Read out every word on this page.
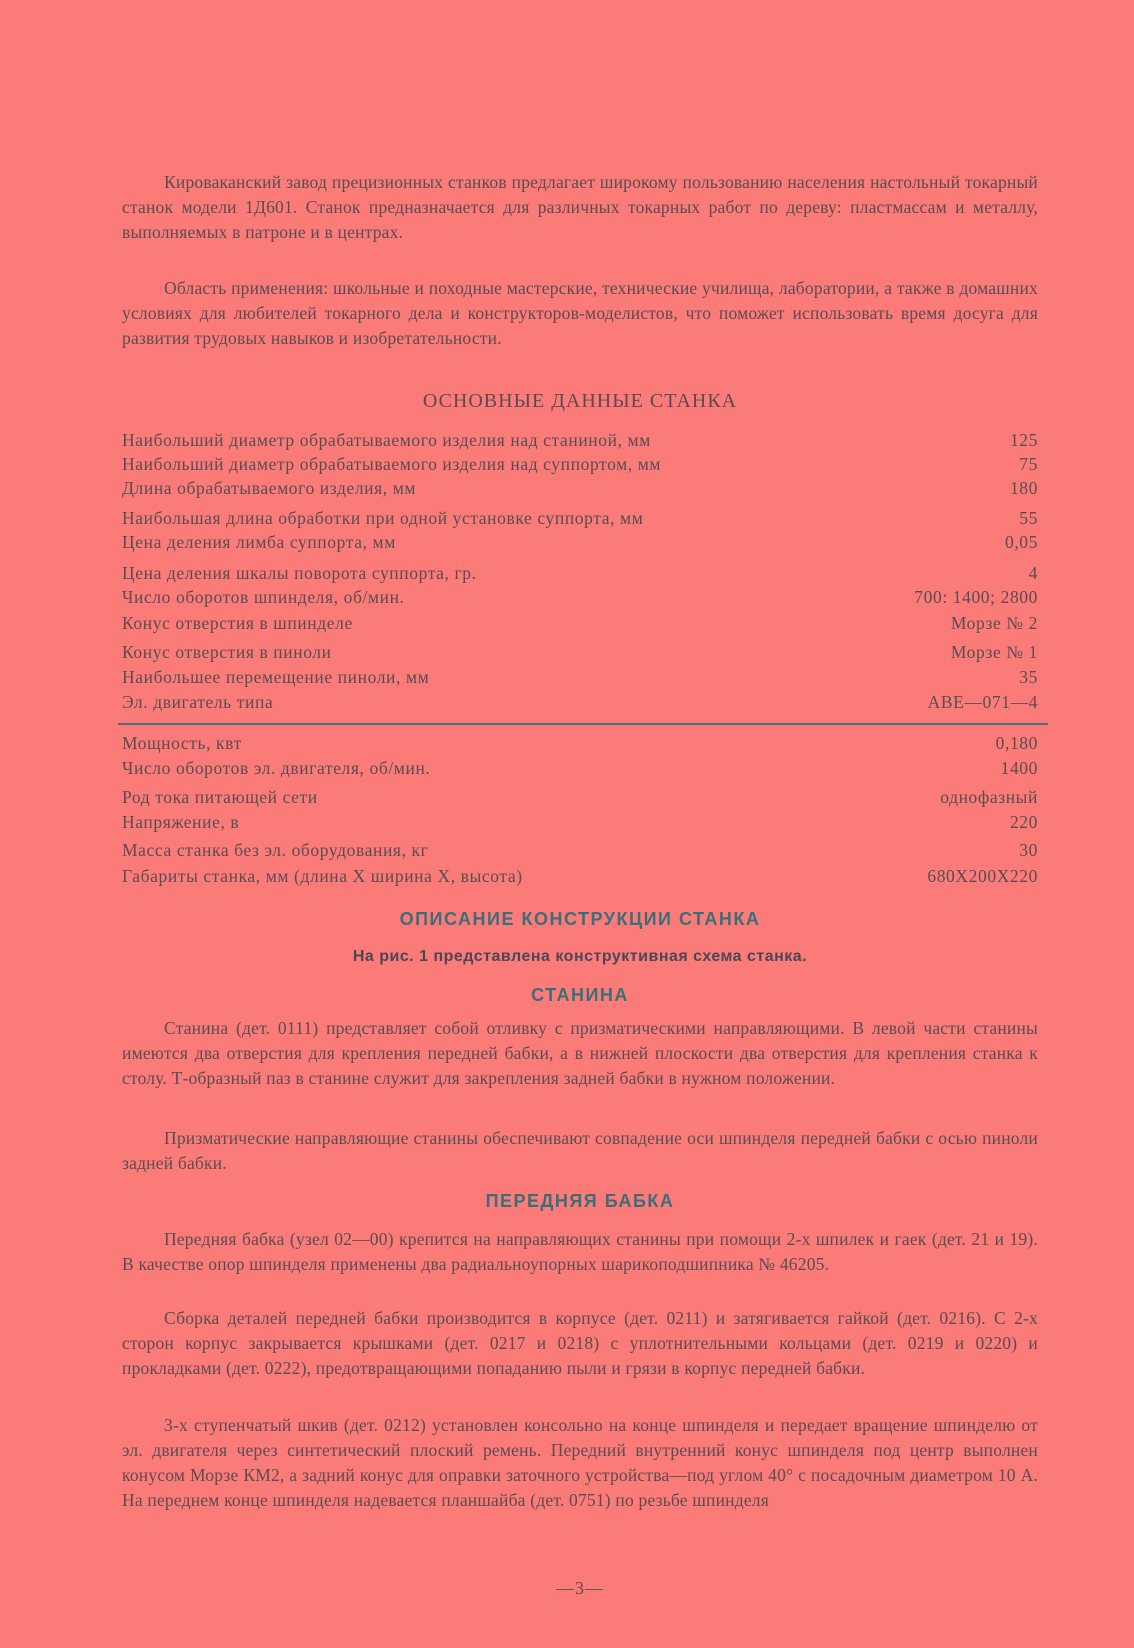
Кироваканский завод прецизионных станков предлагает широкому пользованию населения настольный токарный станок модели 1Д601. Станок предназначается для различных токарных работ по дереву: пластмассам и металлу, выполняемых в патроне и в центрах.

Область применения: школьные и походные мастерские, технические училища, лаборатории, а также в домашних условиях для любителей токарного дела и конструкторов-моделистов, что поможет использовать время досуга для развития трудовых навыков и изобретательности.

ОСНОВНЫЕ ДАННЫЕ СТАНКА
Наибольший диаметр обрабатываемого изделия над станиной, мм	125
Наибольший диаметр обрабатываемого изделия над суппортом, мм	75
Длина обрабатываемого изделия, мм	180
Наибольшая длина обработки при одной установке суппорта, мм	55
Цена деления лимба суппорта, мм	0,05
Цена деления шкалы поворота суппорта, гр.	4
Число оборотов шпинделя, об/мин.	700: 1400; 2800
Конус отверстия в шпинделе	Морзе № 2
Конус отверстия в пиноли	Морзе № 1
Наибольшее перемещение пиноли, мм	35
Эл. двигатель типа	АВЕ—071—4
Мощность, квт	0,180
Число оборотов эл. двигателя, об/мин.	1400
Род тока питающей сети	однофазный
Напряжение, в	220
Масса станка без эл. оборудования, кг	30
Габариты станка, мм (длина X ширина X, высота)	680X200X220
ОПИСАНИЕ КОНСТРУКЦИИ СТАНКА
На рис. 1 представлена конструктивная схема станка.
СТАНИНА

Станина (дет. 0111) представляет собой отливку с призматическими направляющими. В левой части станины имеются два отверстия для крепления передней бабки, а в нижней плоскости два отверстия для крепления станка к столу. Т-образный паз в станине служит для закрепления задней бабки в нужном положении.

Призматические направляющие станины обеспечивают совпадение оси шпинделя передней бабки с осью пиноли задней бабки.

ПЕРЕДНЯЯ БАБКА

Передняя бабка (узел 02—00) крепится на направляющих станины при помощи 2-х шпилек и гаек (дет. 21 и 19). В качестве опор шпинделя применены два радиальноупорных шарикоподшипника № 46205.

Сборка деталей передней бабки производится в корпусе (дет. 0211) и затягивается гайкой (дет. 0216). С 2-х сторон корпус закрывается крышками (дет. 0217 и 0218) с уплотнительными кольцами (дет. 0219 и 0220) и прокладками (дет. 0222), предотвращающими попаданию пыли и грязи в корпус передней бабки.

3-х ступенчатый шкив (дет. 0212) установлен консольно на конце шпинделя и передает вращение шпинделю от эл. двигателя через синтетический плоский ремень. Передний внутренний конус шпинделя под центр выполнен конусом Морзе КМ2, а задний конус для оправки заточного устройства—под углом 40° с посадочным диаметром 10 А. На переднем конце шпинделя надевается планшайба (дет. 0751) по резьбе шпинделя

—3—
